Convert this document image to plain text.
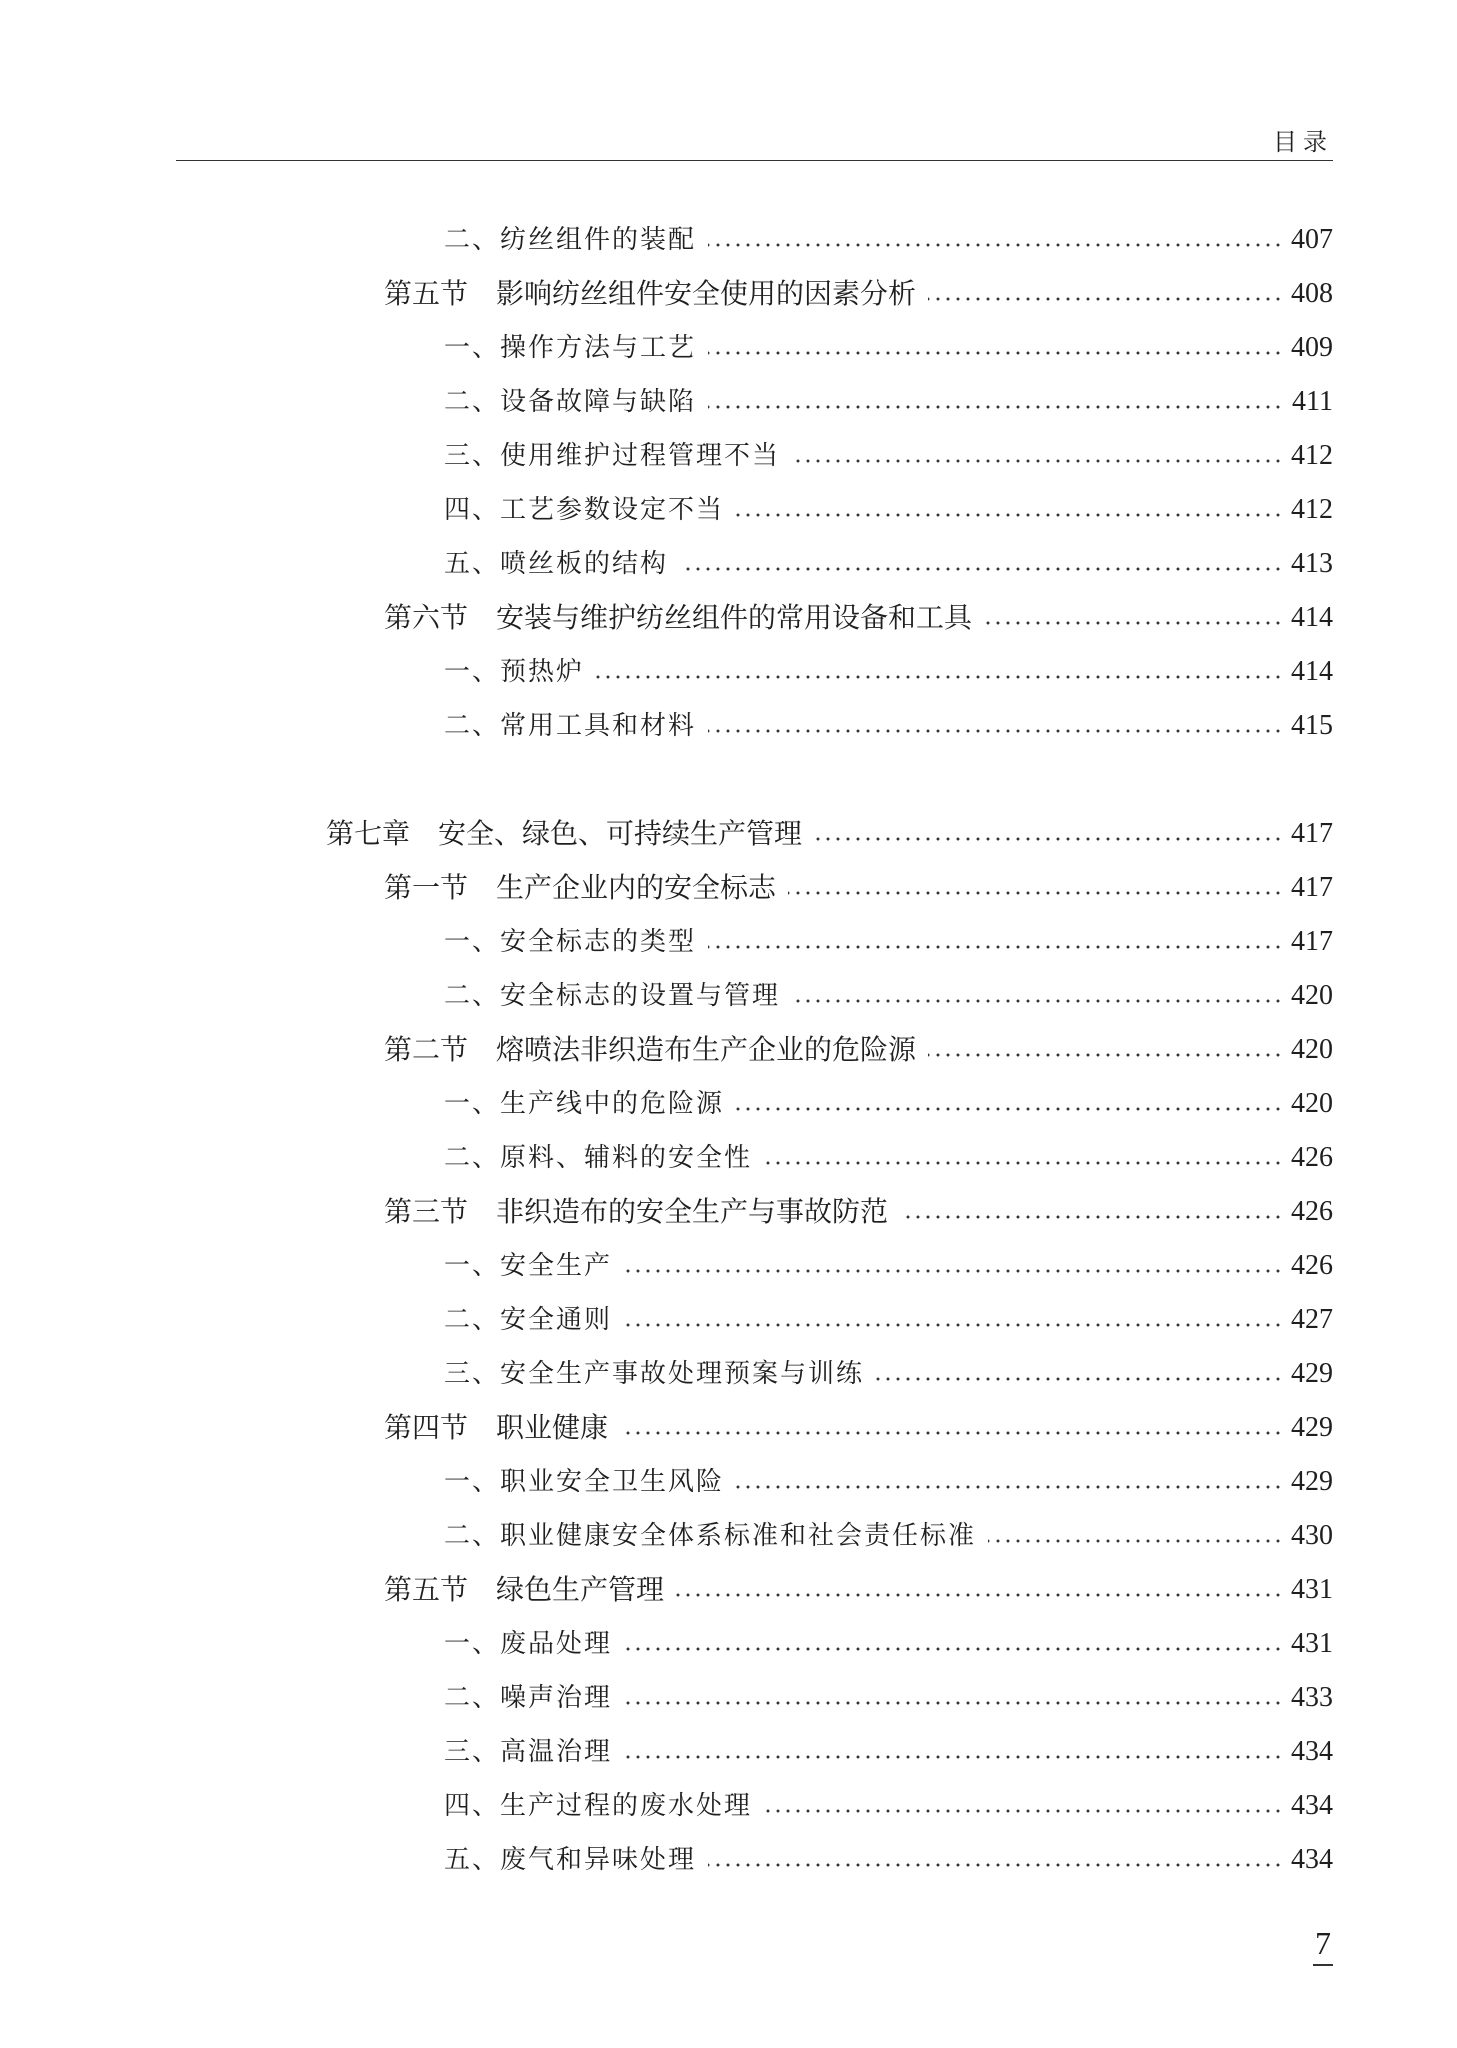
目录
二、纺丝组件的装配	407
第五节　影响纺丝组件安全使用的因素分析	408
一、操作方法与工艺	409
二、设备故障与缺陷	411
三、使用维护过程管理不当	412
四、工艺参数设定不当	412
五、喷丝板的结构	413
第六节　安装与维护纺丝组件的常用设备和工具	414
一、预热炉	414
二、常用工具和材料	415
第七章　安全、绿色、可持续生产管理	417
第一节　生产企业内的安全标志	417
一、安全标志的类型	417
二、安全标志的设置与管理	420
第二节　熔喷法非织造布生产企业的危险源	420
一、生产线中的危险源	420
二、原料、辅料的安全性	426
第三节　非织造布的安全生产与事故防范	426
一、安全生产	426
二、安全通则	427
三、安全生产事故处理预案与训练	429
第四节　职业健康	429
一、职业安全卫生风险	429
二、职业健康安全体系标准和社会责任标准	430
第五节　绿色生产管理	431
一、废品处理	431
二、噪声治理	433
三、高温治理	434
四、生产过程的废水处理	434
五、废气和异味处理	434
7
